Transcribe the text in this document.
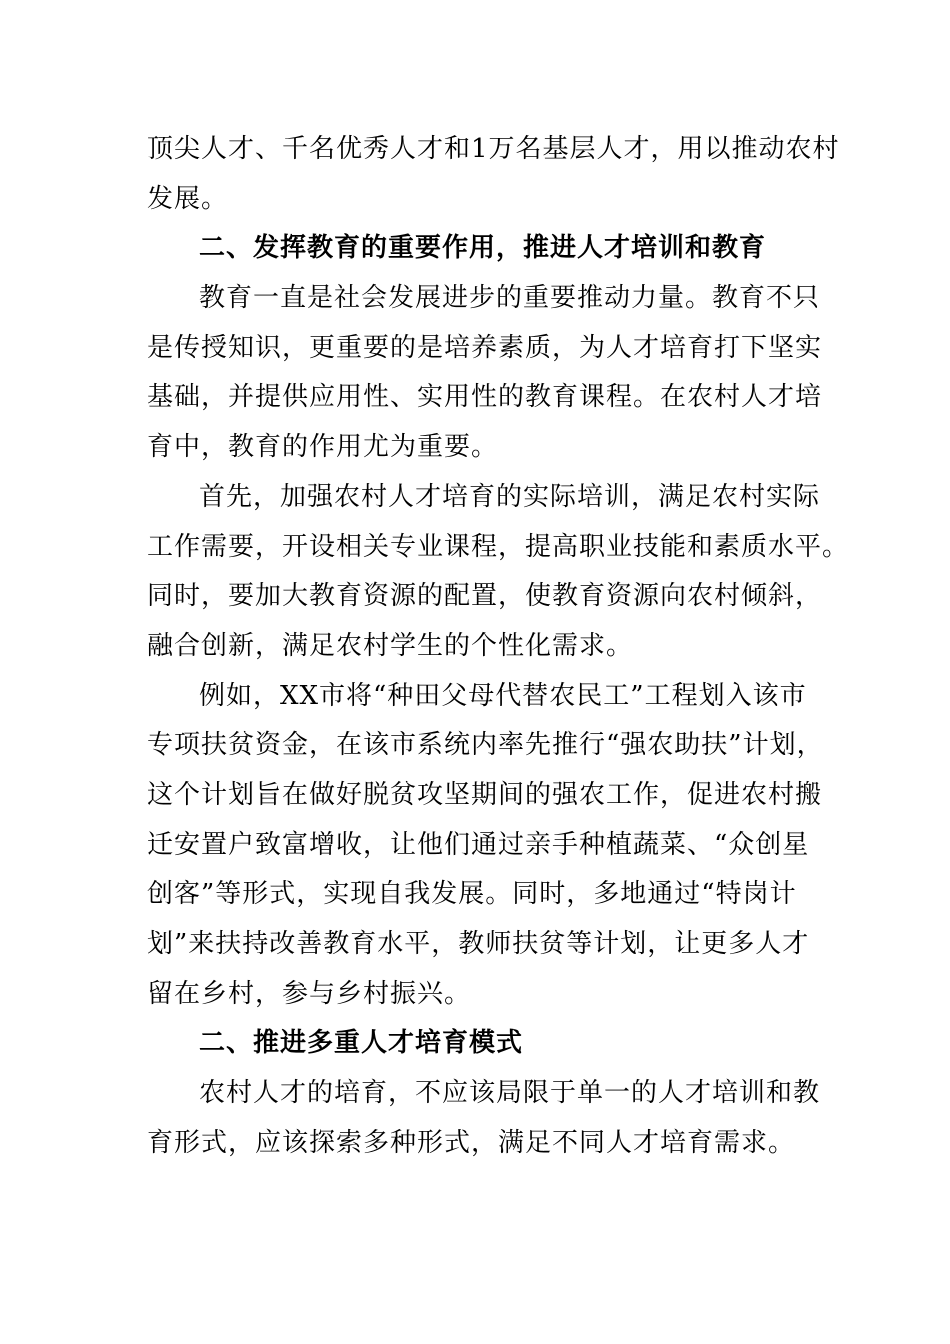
顶尖人才、千名优秀人才和1万名基层人才，用以推动农村
发展。
二、发挥教育的重要作用，推进人才培训和教育
教育一直是社会发展进步的重要推动力量。教育不只
是传授知识，更重要的是培养素质，为人才培育打下坚实
基础，并提供应用性、实用性的教育课程。在农村人才培
育中，教育的作用尤为重要。
首先，加强农村人才培育的实际培训，满足农村实际
工作需要，开设相关专业课程，提高职业技能和素质水平。
同时，要加大教育资源的配置，使教育资源向农村倾斜，
融合创新，满足农村学生的个性化需求。
例如，XX市将“种田父母代替农民工”工程划入该市
专项扶贫资金，在该市系统内率先推行“强农助扶”计划，
这个计划旨在做好脱贫攻坚期间的强农工作，促进农村搬
迁安置户致富增收，让他们通过亲手种植蔬菜、“众创星
创客”等形式，实现自我发展。同时，多地通过“特岗计
划”来扶持改善教育水平，教师扶贫等计划，让更多人才
留在乡村，参与乡村振兴。
二、推进多重人才培育模式
农村人才的培育，不应该局限于单一的人才培训和教
育形式，应该探索多种形式，满足不同人才培育需求。
